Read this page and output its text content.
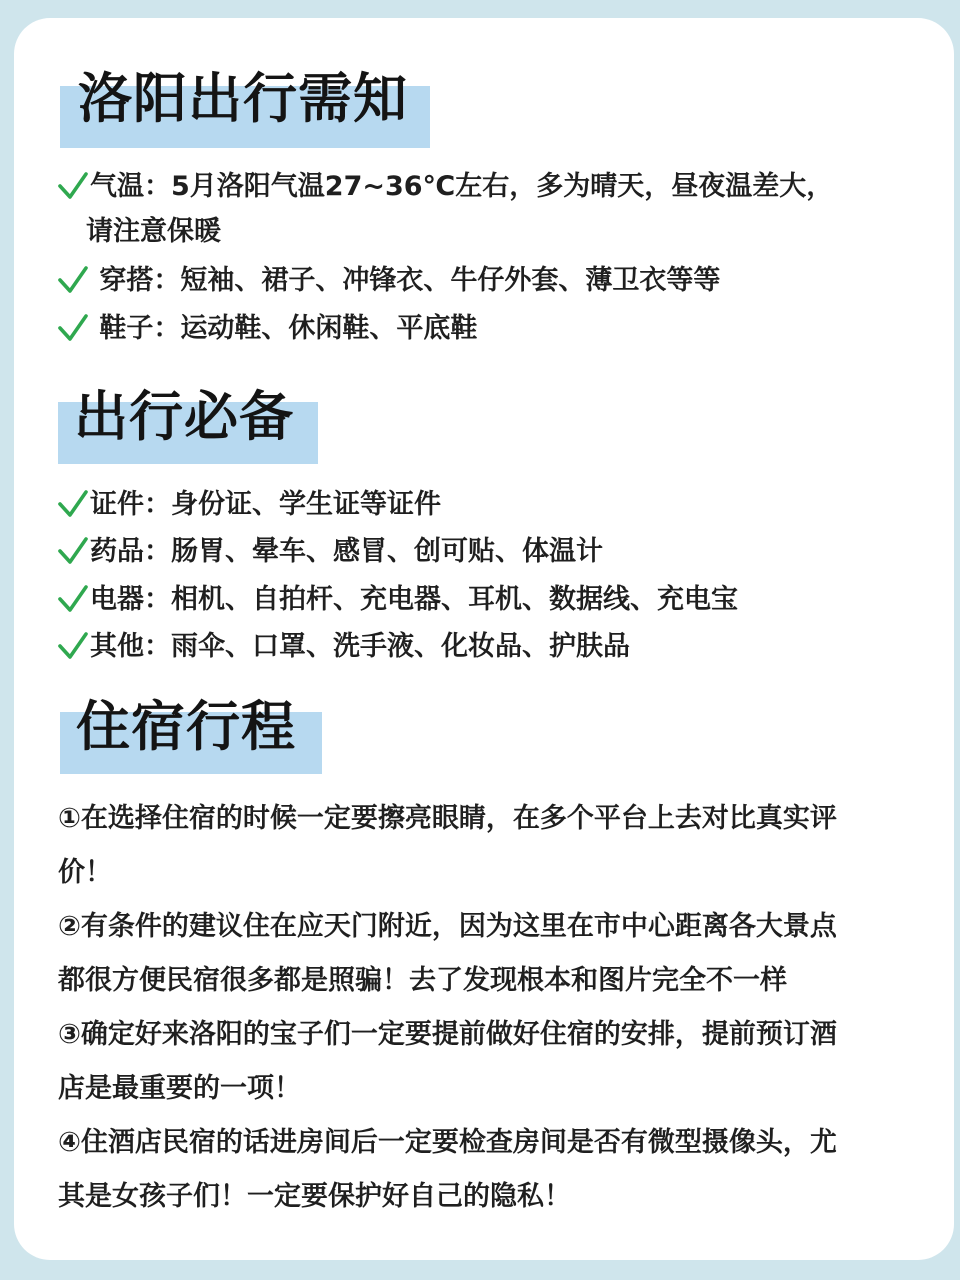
洛阳出行需知
气温：5月洛阳气温27~36℃左右，多为晴天，昼夜温差大，
请注意保暖
穿搭：短袖、裙子、冲锋衣、牛仔外套、薄卫衣等等
鞋子：运动鞋、休闲鞋、平底鞋
出行必备
证件：身份证、学生证等证件
药品：肠胃、晕车、感冒、创可贴、体温计
电器：相机、自拍杆、充电器、耳机、数据线、充电宝
其他：雨伞、口罩、洗手液、化妆品、护肤品
住宿行程
①在选择住宿的时候一定要擦亮眼睛，在多个平台上去对比真实评
价！
②有条件的建议住在应天门附近，因为这里在市中心距离各大景点
都很方便民宿很多都是照骗！去了发现根本和图片完全不一样
③确定好来洛阳的宝子们一定要提前做好住宿的安排，提前预订酒
店是最重要的一项！
④住酒店民宿的话进房间后一定要检查房间是否有微型摄像头，尤
其是女孩子们！一定要保护好自己的隐私！
